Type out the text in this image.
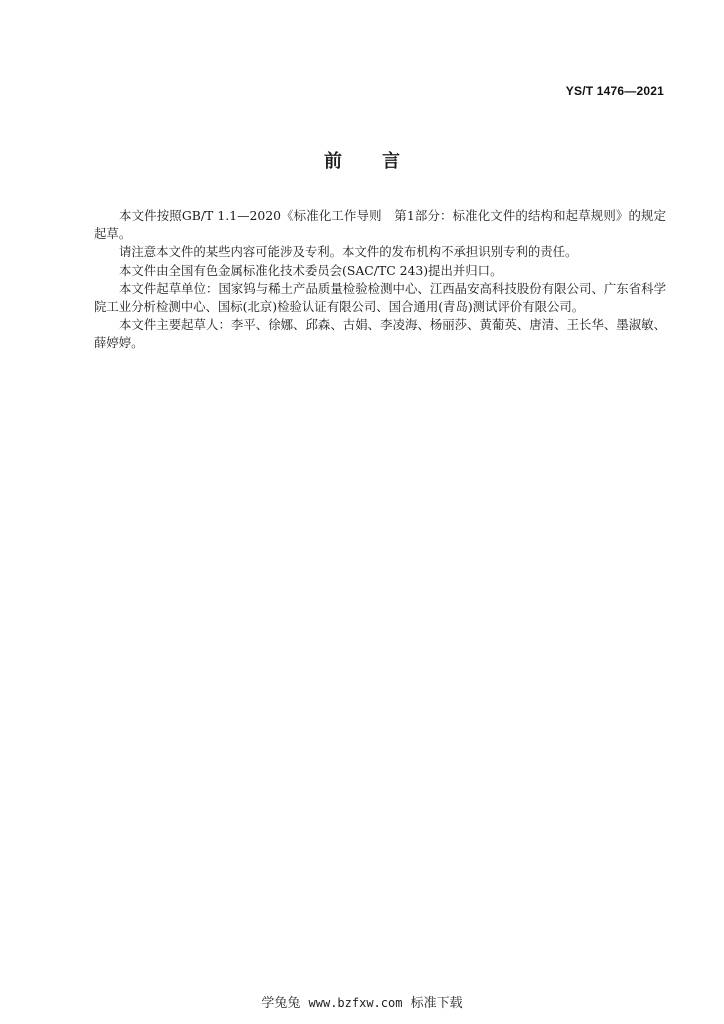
YS/T 1476—2021
前 言

本文件按照GB/T 1.1—2020《标准化工作导则　第1部分：标准化文件的结构和起草规则》的规定起草。

请注意本文件的某些内容可能涉及专利。本文件的发布机构不承担识别专利的责任。

本文件由全国有色金属标准化技术委员会(SAC/TC 243)提出并归口。

本文件起草单位：国家钨与稀土产品质量检验检测中心、江西晶安高科技股份有限公司、广东省科学院工业分析检测中心、国标(北京)检验认证有限公司、国合通用(青岛)测试评价有限公司。

本文件主要起草人：李平、徐娜、邱森、古娟、李凌海、杨丽莎、黄葡英、唐清、王长华、墨淑敏、薛婷婷。

学兔兔 www.bzfxw.com 标准下载
